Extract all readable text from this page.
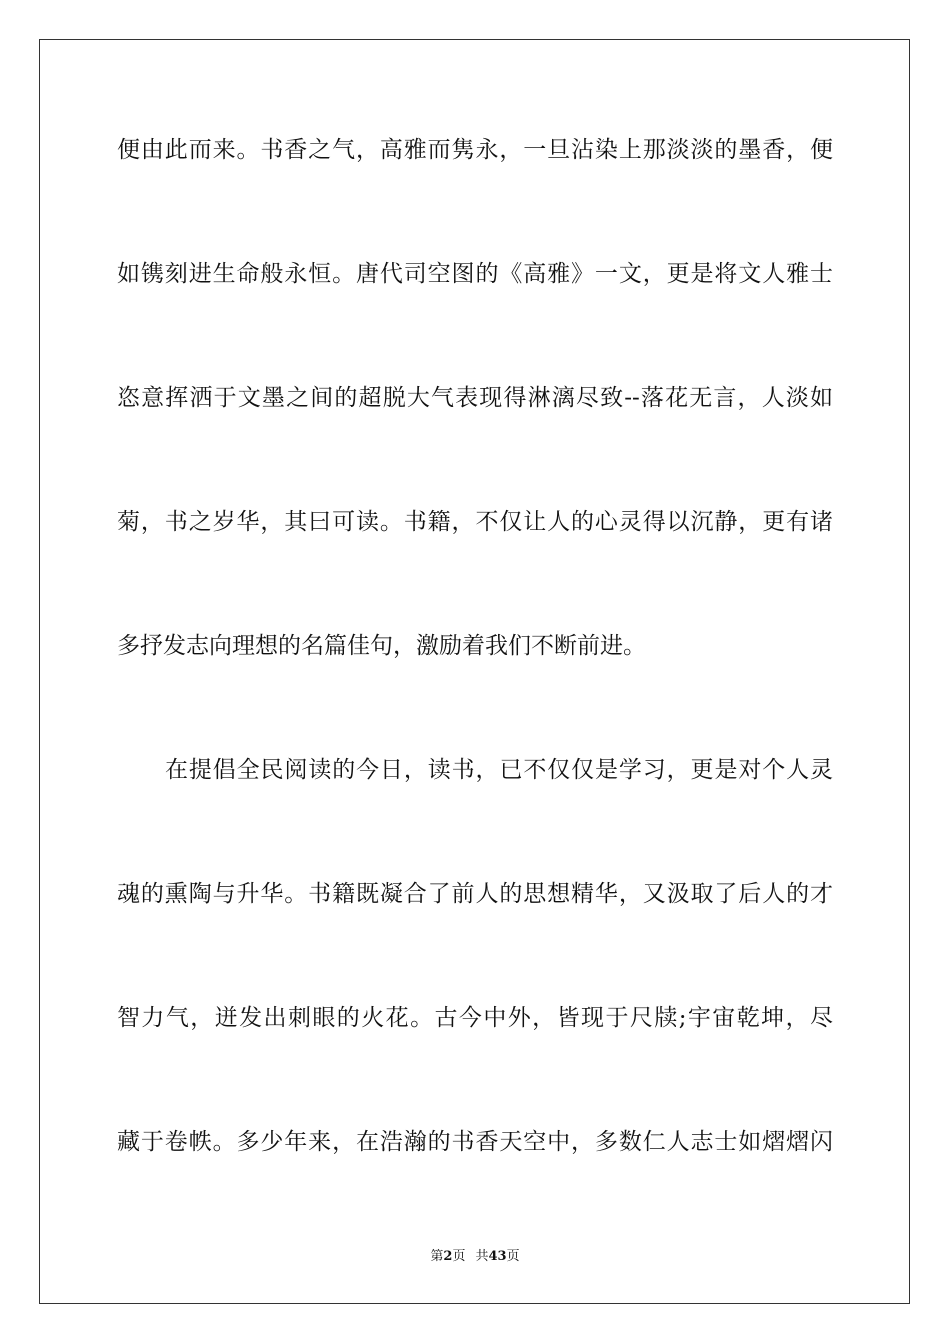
便由此而来。书香之气，高雅而隽永，一旦沾染上那淡淡的墨香，便
如镌刻进生命般永恒。唐代司空图的《高雅》一文，更是将文人雅士
恣意挥洒于文墨之间的超脱大气表现得淋漓尽致--落花无言，人淡如
菊，书之岁华，其曰可读。书籍，不仅让人的心灵得以沉静，更有诸
多抒发志向理想的名篇佳句，激励着我们不断前进。
在提倡全民阅读的今日，读书，已不仅仅是学习，更是对个人灵
魂的熏陶与升华。书籍既凝合了前人的思想精华，又汲取了后人的才
智力气，迸发出刺眼的火花。古今中外，皆现于尺牍;宇宙乾坤，尽
藏于卷帙。多少年来，在浩瀚的书香天空中，多数仁人志士如熠熠闪
第2页 共43页
